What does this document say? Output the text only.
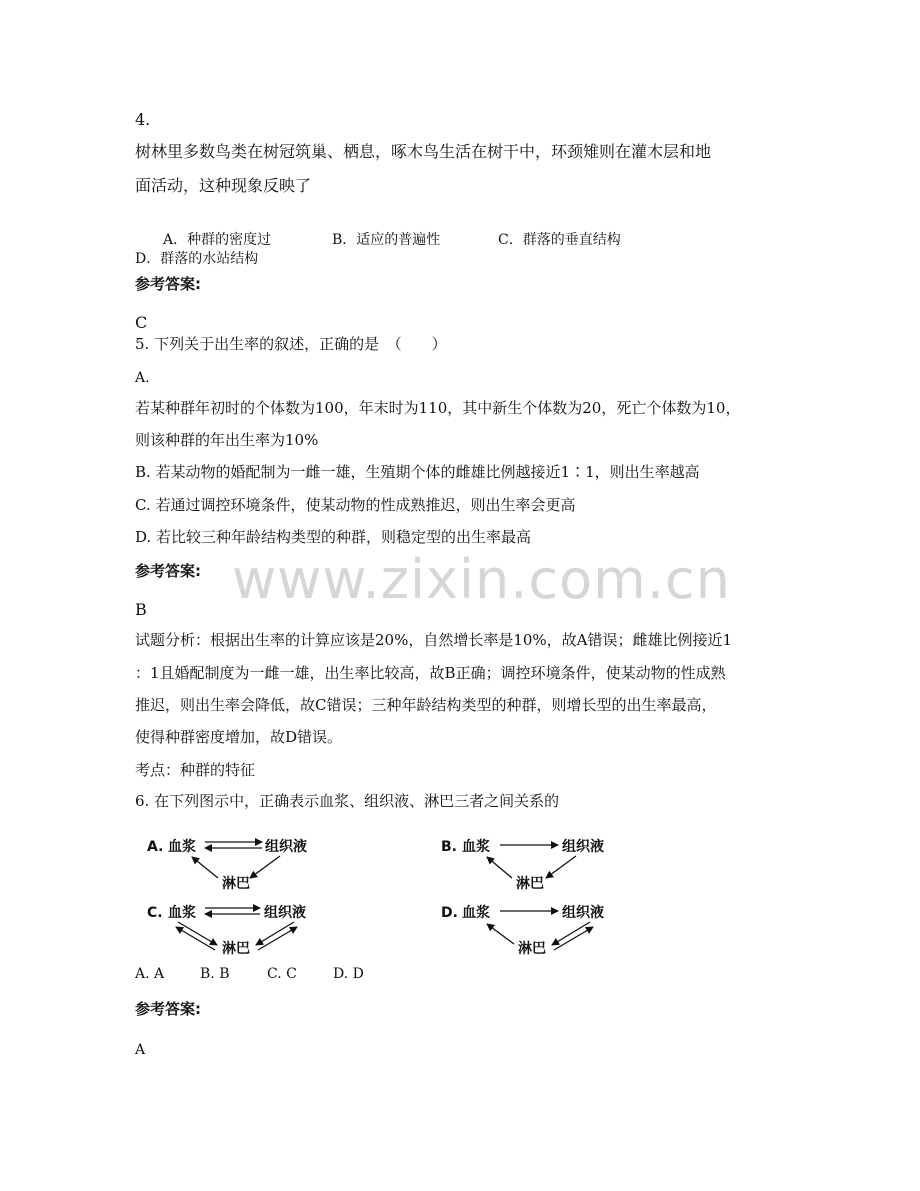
www.zixin.com.cn
4.
树林里多数鸟类在树冠筑巢、栖息，啄木鸟生活在树干中，环颈雉则在灌木层和地
面活动，这种现象反映了
A．种群的密度过	B．适应的普遍性	C．群落的垂直结构
D．群落的水站结构
参考答案:
C
5. 下列关于出生率的叙述，正确的是　（　　）
A.
若某种群年初时的个体数为100，年末时为110，其中新生个体数为20，死亡个体数为10，
则该种群的年出生率为10%
B. 若某动物的婚配制为一雌一雄，生殖期个体的雌雄比例越接近1∶1，则出生率越高
C. 若通过调控环境条件，使某动物的性成熟推迟，则出生率会更高
D. 若比较三种年龄结构类型的种群，则稳定型的出生率最高
参考答案:
B
试题分析：根据出生率的计算应该是20%，自然增长率是10%，故A错误；雌雄比例接近1
：1且婚配制度为一雌一雄，出生率比较高，故B正确；调控环境条件，使某动物的性成熟
推迟，则出生率会降低，故C错误；三种年龄结构类型的种群，则增长型的出生率最高，
使得种群密度增加，故D错误。
考点：种群的特征
6. 在下列图示中，正确表示血浆、组织液、淋巴三者之间关系的
A. 血浆	组织液
淋巴
B. 血浆	组织液
淋巴
C. 血浆	组织液
淋巴
D. 血浆	组织液
淋巴
A. A	B. B	C. C	D. D
参考答案:
A
